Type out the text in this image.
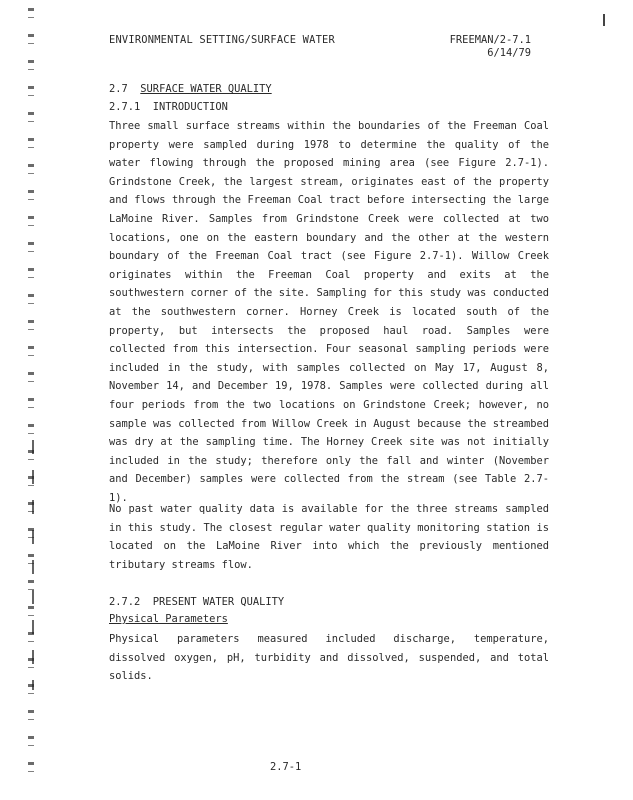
ENVIRONMENTAL SETTING/SURFACE WATER	FREEMAN/2-7.1
6/14/79
2.7 SURFACE WATER QUALITY
2.7.1 INTRODUCTION

Three small surface streams within the boundaries of the Freeman Coal property were sampled during 1978 to determine the quality of the water flowing through the proposed mining area (see Figure 2.7-1). Grindstone Creek, the largest stream, originates east of the property and flows through the Freeman Coal tract before intersecting the large LaMoine River. Samples from Grindstone Creek were collected at two locations, one on the eastern boundary and the other at the western boundary of the Freeman Coal tract (see Figure 2.7-1). Willow Creek originates within the Freeman Coal property and exits at the southwestern corner of the site. Sampling for this study was conducted at the southwestern corner. Horney Creek is located south of the property, but intersects the proposed haul road. Samples were collected from this intersection. Four seasonal sampling periods were included in the study, with samples collected on May 17, August 8, November 14, and December 19, 1978. Samples were collected during all four periods from the two locations on Grindstone Creek; however, no sample was collected from Willow Creek in August because the streambed was dry at the sampling time. The Horney Creek site was not initially included in the study; therefore only the fall and winter (November and December) samples were collected from the stream (see Table 2.7-1).

No past water quality data is available for the three streams sampled in this study. The closest regular water quality monitoring station is located on the LaMoine River into which the previously mentioned tributary streams flow.

2.7.2 PRESENT WATER QUALITY
Physical Parameters

Physical parameters measured included discharge, temperature, dissolved oxygen, pH, turbidity and dissolved, suspended, and total solids.

2.7-1
